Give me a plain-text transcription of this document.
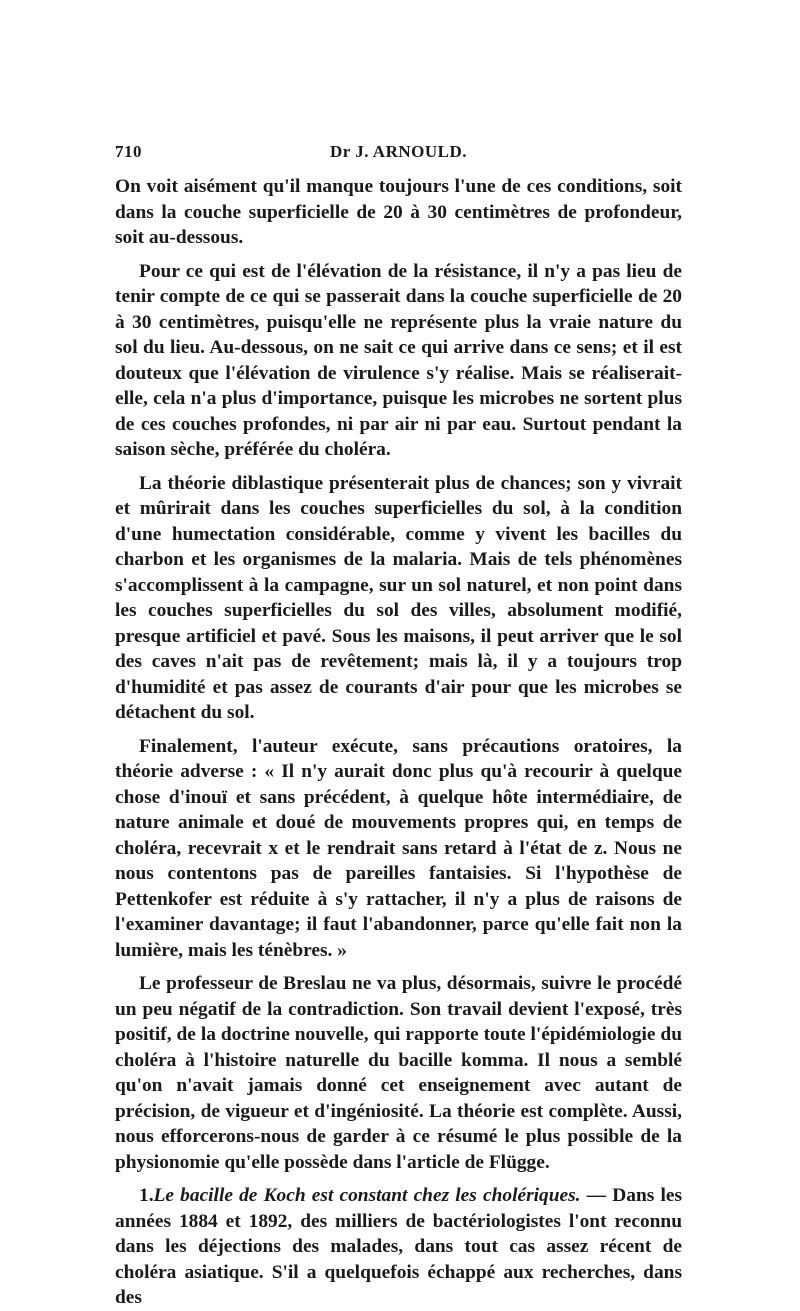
710	Dr J. ARNOULD.

On voit aisément qu'il manque toujours l'une de ces conditions, soit dans la couche superficielle de 20 à 30 centimètres de profondeur, soit au-dessous.

Pour ce qui est de l'élévation de la résistance, il n'y a pas lieu de tenir compte de ce qui se passerait dans la couche superficielle de 20 à 30 centimètres, puisqu'elle ne représente plus la vraie nature du sol du lieu. Au-dessous, on ne sait ce qui arrive dans ce sens; et il est douteux que l'élévation de virulence s'y réalise. Mais se réaliserait-elle, cela n'a plus d'importance, puisque les microbes ne sortent plus de ces couches profondes, ni par air ni par eau. Surtout pendant la saison sèche, préférée du choléra.

La théorie diblastique présenterait plus de chances; son y vivrait et mûrirait dans les couches superficielles du sol, à la condition d'une humectation considérable, comme y vivent les bacilles du charbon et les organismes de la malaria. Mais de tels phénomènes s'accomplissent à la campagne, sur un sol naturel, et non point dans les couches superficielles du sol des villes, absolument modifié, presque artificiel et pavé. Sous les maisons, il peut arriver que le sol des caves n'ait pas de revêtement; mais là, il y a toujours trop d'humidité et pas assez de courants d'air pour que les microbes se détachent du sol.

Finalement, l'auteur exécute, sans précautions oratoires, la théorie adverse : « Il n'y aurait donc plus qu'à recourir à quelque chose d'inouï et sans précédent, à quelque hôte intermédiaire, de nature animale et doué de mouvements propres qui, en temps de choléra, recevrait x et le rendrait sans retard à l'état de z. Nous ne nous contentons pas de pareilles fantaisies. Si l'hypothèse de Pettenkofer est réduite à s'y rattacher, il n'y a plus de raisons de l'examiner davantage; il faut l'abandonner, parce qu'elle fait non la lumière, mais les ténèbres. »

Le professeur de Breslau ne va plus, désormais, suivre le procédé un peu négatif de la contradiction. Son travail devient l'exposé, très positif, de la doctrine nouvelle, qui rapporte toute l'épidémiologie du choléra à l'histoire naturelle du bacille komma. Il nous a semblé qu'on n'avait jamais donné cet enseignement avec autant de précision, de vigueur et d'ingéniosité. La théorie est complète. Aussi, nous efforcerons-nous de garder à ce résumé le plus possible de la physionomie qu'elle possède dans l'article de Flügge.

1.Le bacille de Koch est constant chez les cholériques. — Dans les années 1884 et 1892, des milliers de bactériologistes l'ont reconnu dans les déjections des malades, dans tout cas assez récent de choléra asiatique. S'il a quelquefois échappé aux recherches, dans des
